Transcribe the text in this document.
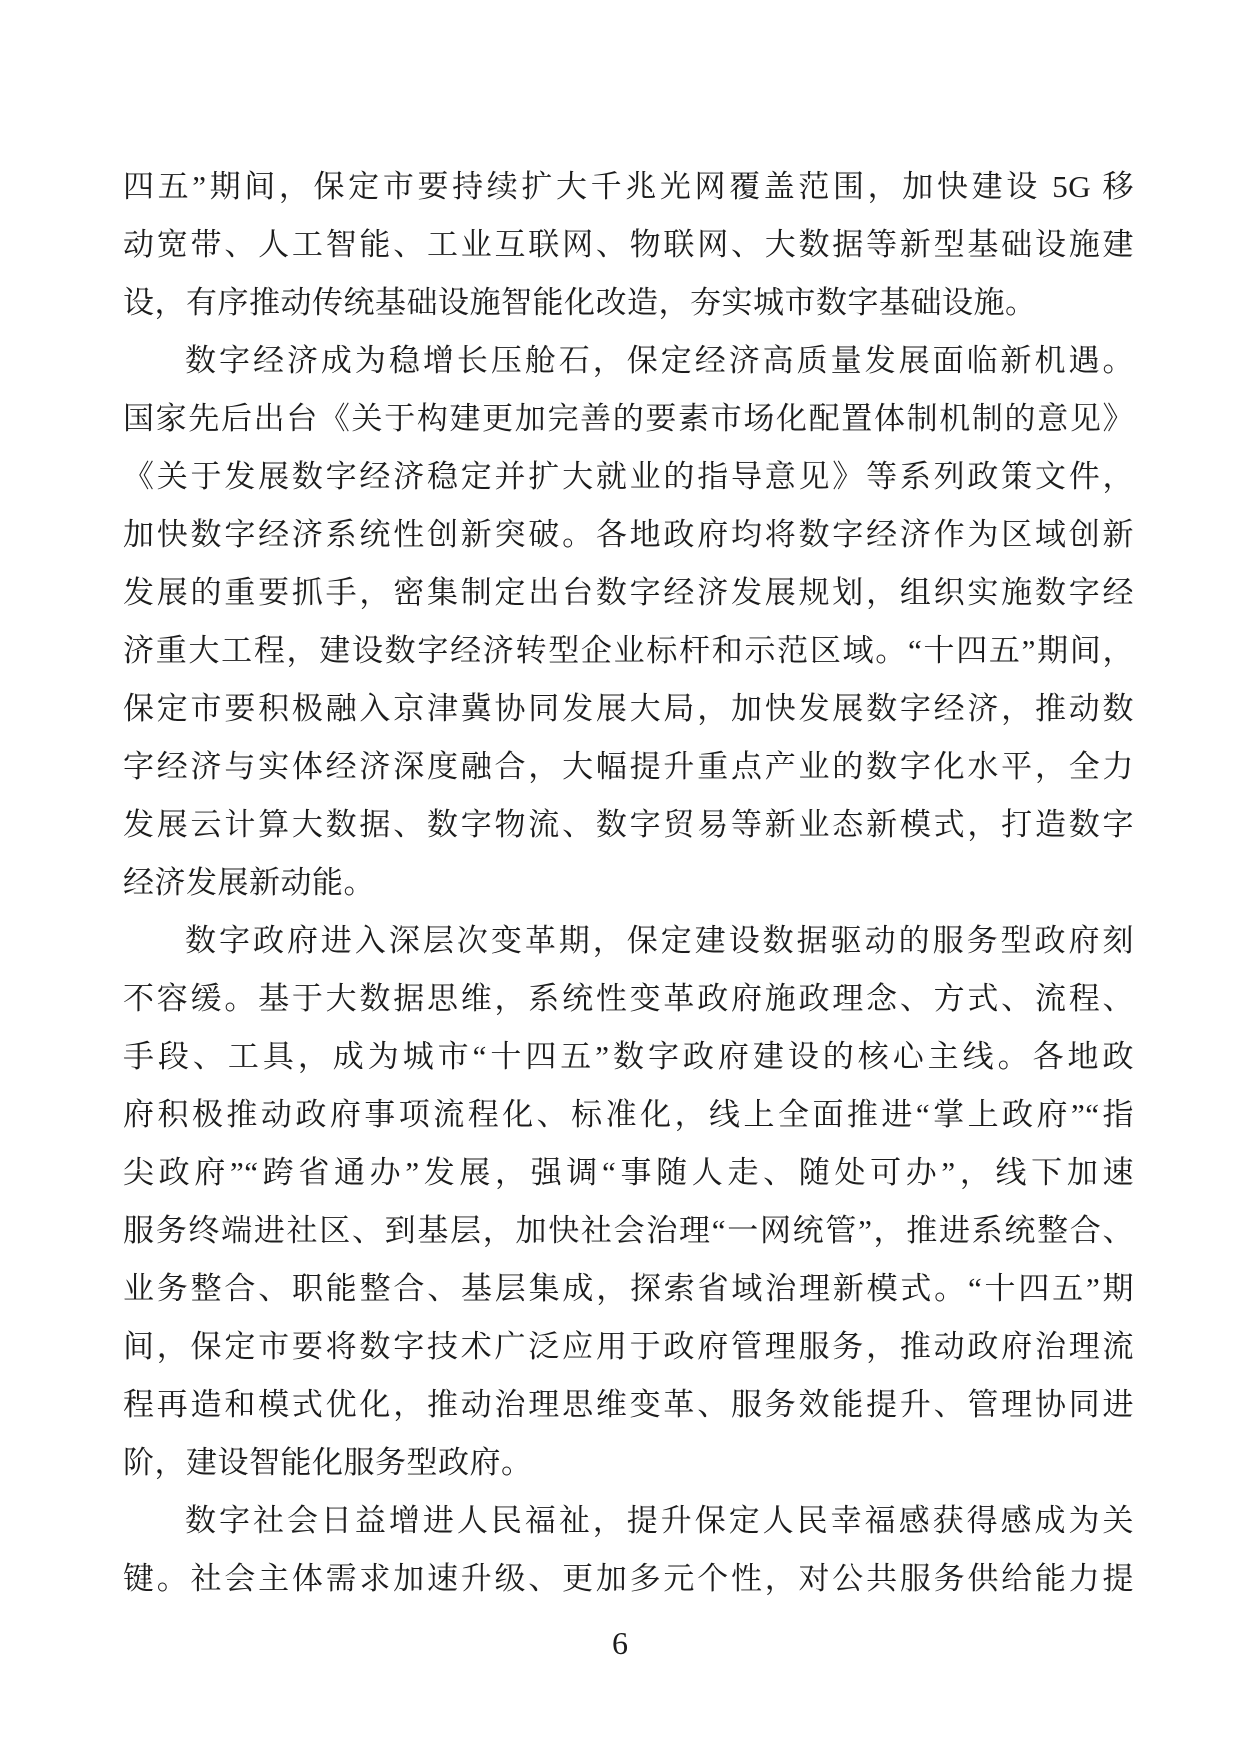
四五”期间，保定市要持续扩大千兆光网覆盖范围，加快建设 5G 移
动宽带、人工智能、工业互联网、物联网、大数据等新型基础设施建
设，有序推动传统基础设施智能化改造，夯实城市数字基础设施。
数字经济成为稳增长压舱石，保定经济高质量发展面临新机遇。
国家先后出台《关于构建更加完善的要素市场化配置体制机制的意见》
《关于发展数字经济稳定并扩大就业的指导意见》等系列政策文件，
加快数字经济系统性创新突破。各地政府均将数字经济作为区域创新
发展的重要抓手，密集制定出台数字经济发展规划，组织实施数字经
济重大工程，建设数字经济转型企业标杆和示范区域。“十四五”期间，
保定市要积极融入京津冀协同发展大局，加快发展数字经济，推动数
字经济与实体经济深度融合，大幅提升重点产业的数字化水平，全力
发展云计算大数据、数字物流、数字贸易等新业态新模式，打造数字
经济发展新动能。
数字政府进入深层次变革期，保定建设数据驱动的服务型政府刻
不容缓。基于大数据思维，系统性变革政府施政理念、方式、流程、
手段、工具，成为城市“十四五”数字政府建设的核心主线。各地政
府积极推动政府事项流程化、标准化，线上全面推进“掌上政府”“指
尖政府”“跨省通办”发展，强调“事随人走、随处可办”，线下加速
服务终端进社区、到基层，加快社会治理“一网统管”，推进系统整合、
业务整合、职能整合、基层集成，探索省域治理新模式。“十四五”期
间，保定市要将数字技术广泛应用于政府管理服务，推动政府治理流
程再造和模式优化，推动治理思维变革、服务效能提升、管理协同进
阶，建设智能化服务型政府。
数字社会日益增进人民福祉，提升保定人民幸福感获得感成为关
键。社会主体需求加速升级、更加多元个性，对公共服务供给能力提
6
